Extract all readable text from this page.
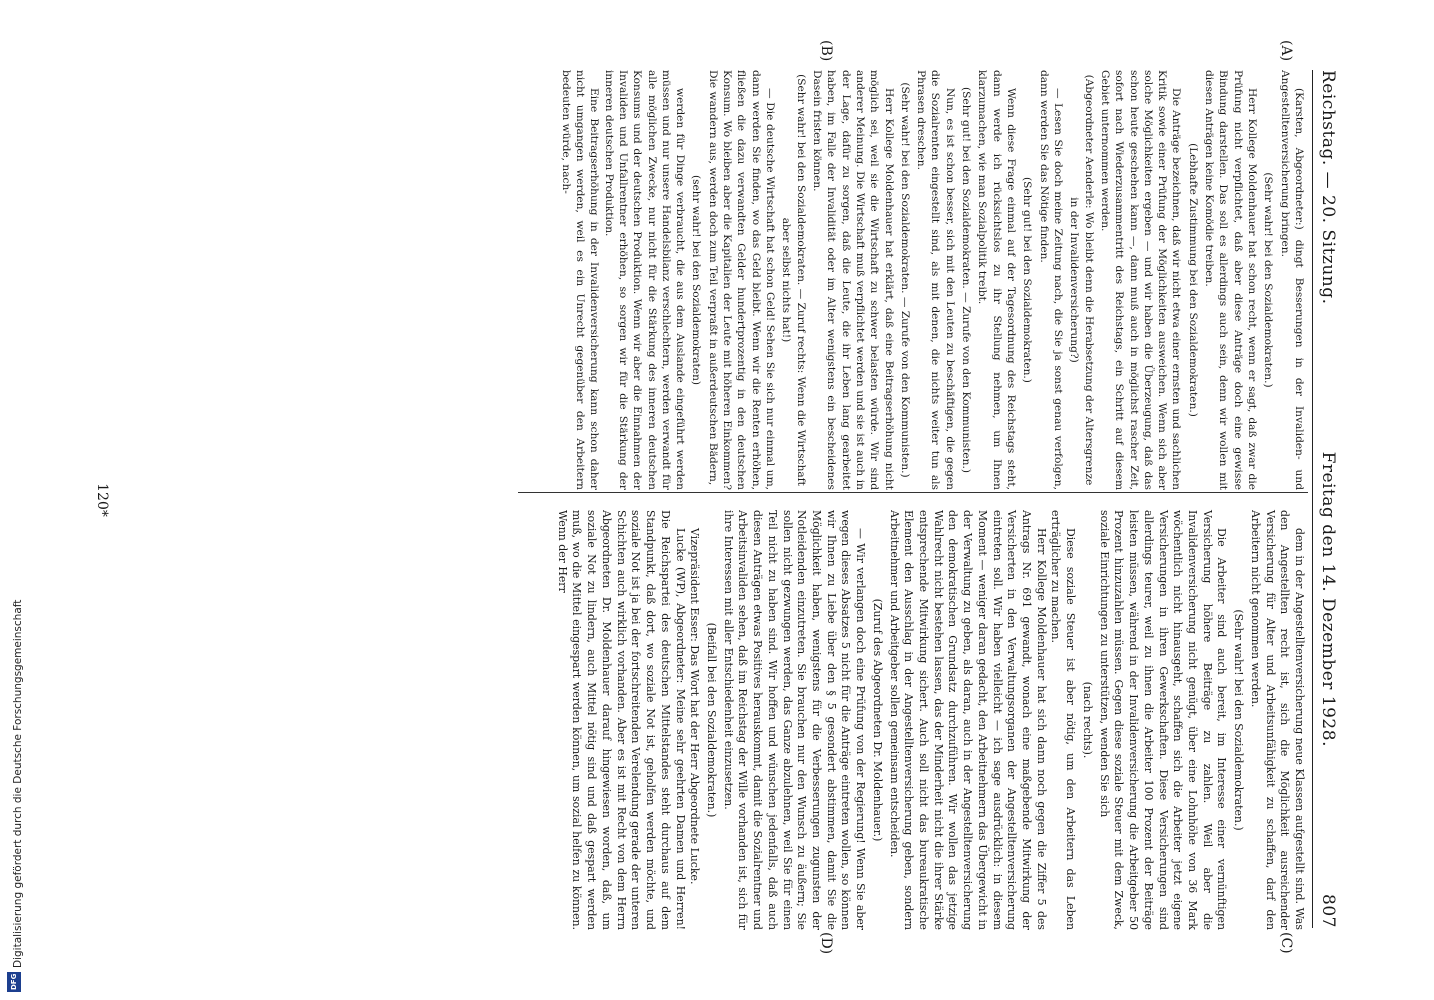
Reichstag. — 20. Sitzung.
Freitag den 14. Dezember 1928.
807
(A)
(B)
(C)
(D)

(Karsten, Abgeordneter:) dingt Besserungen in der Invaliden- und Angestelltenversicherung bringen.

(Sehr wahr! bei den Sozialdemokraten.)

Herr Kollege Moldenhauer hat schon recht, wenn er sagt, daß zwar die Prüfung nicht verpflichtet, daß aber diese Anträge doch eine gewisse Bindung darstellen. Das soll es allerdings auch sein, denn wir wollen mit diesen Anträgen keine Komödie treiben.

(Lebhafte Zustimmung bei den Sozialdemokraten.)

Die Anträge bezeichnen, daß wir nicht etwa einer ernsten und sachlichen Kritik sowie einer Prüfung der Möglichkeiten ausweichen. Wenn sich aber solche Möglichkeiten ergeben — und wir haben die Überzeugung, daß das schon heute geschehen kann —, dann muß auch in möglichst rascher Zeit, sofort nach Wiederzusammentritt des Reichstags, ein Schritt auf diesem Gebiet unternommen werden.

(Abgeordneter Aenderle: Wo bleibt denn die Herabsetzung der Altersgrenze in der Invalidenversicherung?)

— Lesen Sie doch meine Zeitung nach, die Sie ja sonst genau verfolgen, dann werden Sie das Nötige finden.

(Sehr gut! bei den Sozialdemokraten.)

Wenn diese Frage einmal auf der Tagesordnung des Reichstags steht, dann werde ich rücksichtslos zu ihr Stellung nehmen, um Ihnen klarzumachen, wie man Sozialpolitik treibt.

(Sehr gut! bei den Sozialdemokraten. — Zurufe von den Kommunisten.)

Nun, es ist schon besser, sich mit den Leuten zu beschäftigen, die gegen die Sozialrenten eingestellt sind, als mit denen, die nichts weiter tun als Phrasen dreschen.

(Sehr wahr! bei den Sozialdemokraten. — Zurufe von den Kommunisten.)

Herr Kollege Moldenhauer hat erklärt, daß eine Beitragserhöhung nicht möglich sei, weil sie die Wirtschaft zu schwer belasten würde. Wir sind anderer Meinung. Die Wirtschaft muß verpflichtet werden und sie ist auch in der Lage, dafür zu sorgen, daß die Leute, die ihr Leben lang gearbeitet haben, im Falle der Invalidität oder im Alter wenigstens ein bescheidenes Dasein fristen können.

(Sehr wahr! bei den Sozialdemokraten. — Zuruf rechts: Wenn die Wirtschaft aber selbst nichts hat!)

— Die deutsche Wirtschaft hat schon Geld! Sehen Sie sich nur einmal um, dann werden Sie finden, wo das Geld bleibt. Wenn wir die Renten erhöhen, fließen die dazu verwandten Gelder hundertprozentig in den deutschen Konsum. Wo bleiben aber die Kapitalien der Leute mit höheren Einkommen? Die wandern aus, werden doch zum Teil verpraßt in außerdeutschen Bädern,

(sehr wahr! bei den Sozialdemokraten)

werden für Dinge verbraucht, die aus dem Auslande eingeführt werden müssen und nur unsere Handelsbilanz verschlechtern, werden verwandt für alle möglichen Zwecke, nur nicht für die Stärkung des inneren deutschen Konsums und der deutschen Produktion. Wenn wir aber die Einnahmen der Invaliden und Unfallrentner erhöhen, so sorgen wir für die Stärkung der inneren deutschen Produktion.

Eine Beitragserhöhung in der Invalidenversicherung kann schon daher nicht umgangen werden, weil es ein Unrecht gegenüber den Arbeitern bedeuten würde, nach-

dem in der Angestelltenversicherung neue Klassen aufgestellt sind. Was den Angestellten recht ist, sich die Möglichkeit ausreichender Versicherung für Alter und Arbeitsunfähigkeit zu schaffen, darf den Arbeitern nicht genommen werden.

(Sehr wahr! bei den Sozialdemokraten.)

Die Arbeiter sind auch bereit, im Interesse einer vernünftigen Versicherung höhere Beiträge zu zahlen. Weil aber die Invalidenversicherung nicht genügt, über eine Lohnhöhe von 36 Mark wöchentlich nicht hinausgeht, schaffen sich die Arbeiter jetzt eigene Versicherungen in ihren Gewerkschaften. Diese Versicherungen sind allerdings teurer, weil zu ihnen die Arbeiter 100 Prozent der Beiträge leisten müssen, während in der Invalidenversicherung die Arbeitgeber 50 Prozent hinzuzahlen müssen. Gegen diese soziale Steuer mit dem Zweck, soziale Einrichtungen zu unterstützen, wenden Sie sich

(nach rechts).

Diese soziale Steuer ist aber nötig, um den Arbeitern das Leben erträglicher zu machen.

Herr Kollege Moldenhauer hat sich dann noch gegen die Ziffer 5 des Antrags Nr. 691 gewandt, wonach eine maßgebende Mitwirkung der Versicherten in den Verwaltungsorganen der Angestelltenversicherung eintreten soll. Wir haben vielleicht — ich sage ausdrücklich: in diesem Moment — weniger daran gedacht, den Arbeitnehmern das Übergewicht in der Verwaltung zu geben, als daran, auch in der Angestelltenversicherung den demokratischen Grundsatz durchzuführen. Wir wollen das jetzige Wahlrecht nicht bestehen lassen, das der Minderheit nicht die ihrer Stärke entsprechende Mitwirkung sichert. Auch soll nicht das bureaukratische Element den Ausschlag in der Angestelltenversicherung geben, sondern Arbeitnehmer und Arbeitgeber sollen gemeinsam entscheiden.

(Zuruf des Abgeordneten Dr. Moldenhauer.)

— Wir verlangen doch eine Prüfung von der Regierung! Wenn Sie aber wegen dieses Absatzes 5 nicht für die Anträge eintreten wollen, so können wir Ihnen zu Liebe über den § 5 gesondert abstimmen, damit Sie die Möglichkeit haben, wenigstens für die Verbesserungen zugunsten der Notleidenden einzutreten. Sie brauchen nur den Wunsch zu äußern; Sie sollen nicht gezwungen werden, das Ganze abzulehnen, weil Sie für einen Teil nicht zu haben sind. Wir hoffen und wünschen jedenfalls, daß auch diesen Anträgen etwas Positives herauskommt, damit die Sozialrentner und Arbeitsinvaliden sehen, daß im Reichstag der Wille vorhanden ist, sich für ihre Interessen mit aller Entschiedenheit einzusetzen.

(Beifall bei den Sozialdemokraten.)

Vizepräsident Esser: Das Wort hat der Herr Abgeordnete Lucke.

Lucke (WP), Abgeordneter: Meine sehr geehrten Damen und Herren! Die Reichspartei des deutschen Mittelstandes steht durchaus auf dem Standpunkt, daß dort, wo soziale Not ist, geholfen werden möchte, und soziale Not ist ja bei der fortschreitenden Verelendung gerade der unteren Schichten auch wirklich vorhanden. Aber es ist mit Recht von dem Herrn Abgeordneten Dr. Moldenhauer darauf hingewiesen worden, daß, um soziale Not zu lindern, auch Mittel nötig sind und daß gespart werden muß, wo die Mittel eingespart werden können, um sozial helfen zu können. Wenn der Herr

120*
DFG
Digitalisierung gefördert durch die Deutsche Forschungsgemeinschaft
